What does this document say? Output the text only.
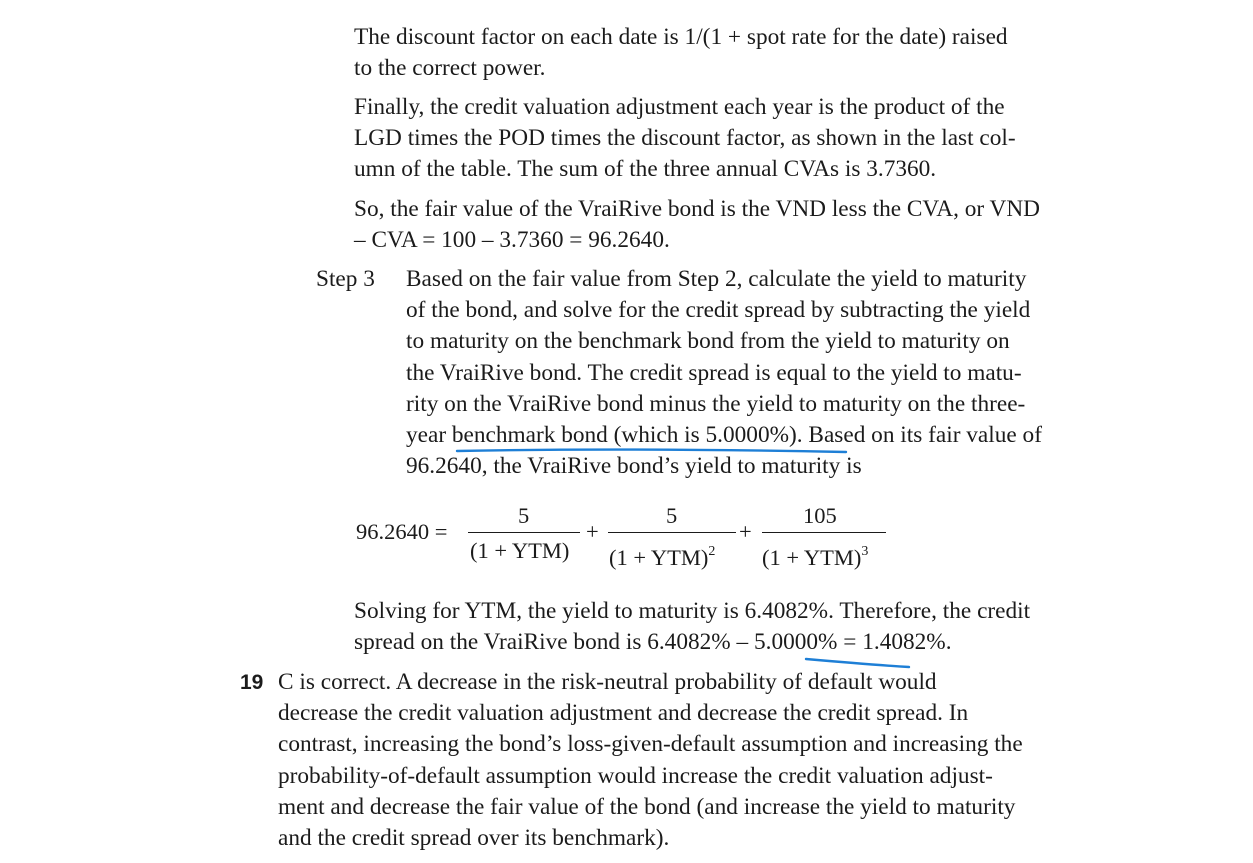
The discount factor on each date is 1/(1 + spot rate for the date) raised
to the correct power.

Finally, the credit valuation adjustment each year is the product of the
LGD times the POD times the discount factor, as shown in the last col-
umn of the table. The sum of the three annual CVAs is 3.7360.

So, the fair value of the VraiRive bond is the VND less the CVA, or VND
– CVA = 100 – 3.7360 = 96.2640.

Step 3 Based on the fair value from Step 2, calculate the yield to maturity
of the bond, and solve for the credit spread by subtracting the yield
to maturity on the benchmark bond from the yield to maturity on
the VraiRive bond. The credit spread is equal to the yield to matu-
rity on the VraiRive bond minus the yield to maturity on the three-
year benchmark bond (which is 5.0000%). Based on its fair value of
96.2640, the VraiRive bond’s yield to maturity is

96.2640 =
5
(1 + YTM)
+
5
(1 + YTM)$^2$
+
105
(1 + YTM)$^3$

Solving for YTM, the yield to maturity is 6.4082%. Therefore, the credit
spread on the VraiRive bond is 6.4082% – 5.0000% = 1.4082%.

19 C is correct. A decrease in the risk-neutral probability of default would
decrease the credit valuation adjustment and decrease the credit spread. In
contrast, increasing the bond’s loss-given-default assumption and increasing the
probability-of-default assumption would increase the credit valuation adjust-
ment and decrease the fair value of the bond (and increase the yield to maturity
and the credit spread over its benchmark).
